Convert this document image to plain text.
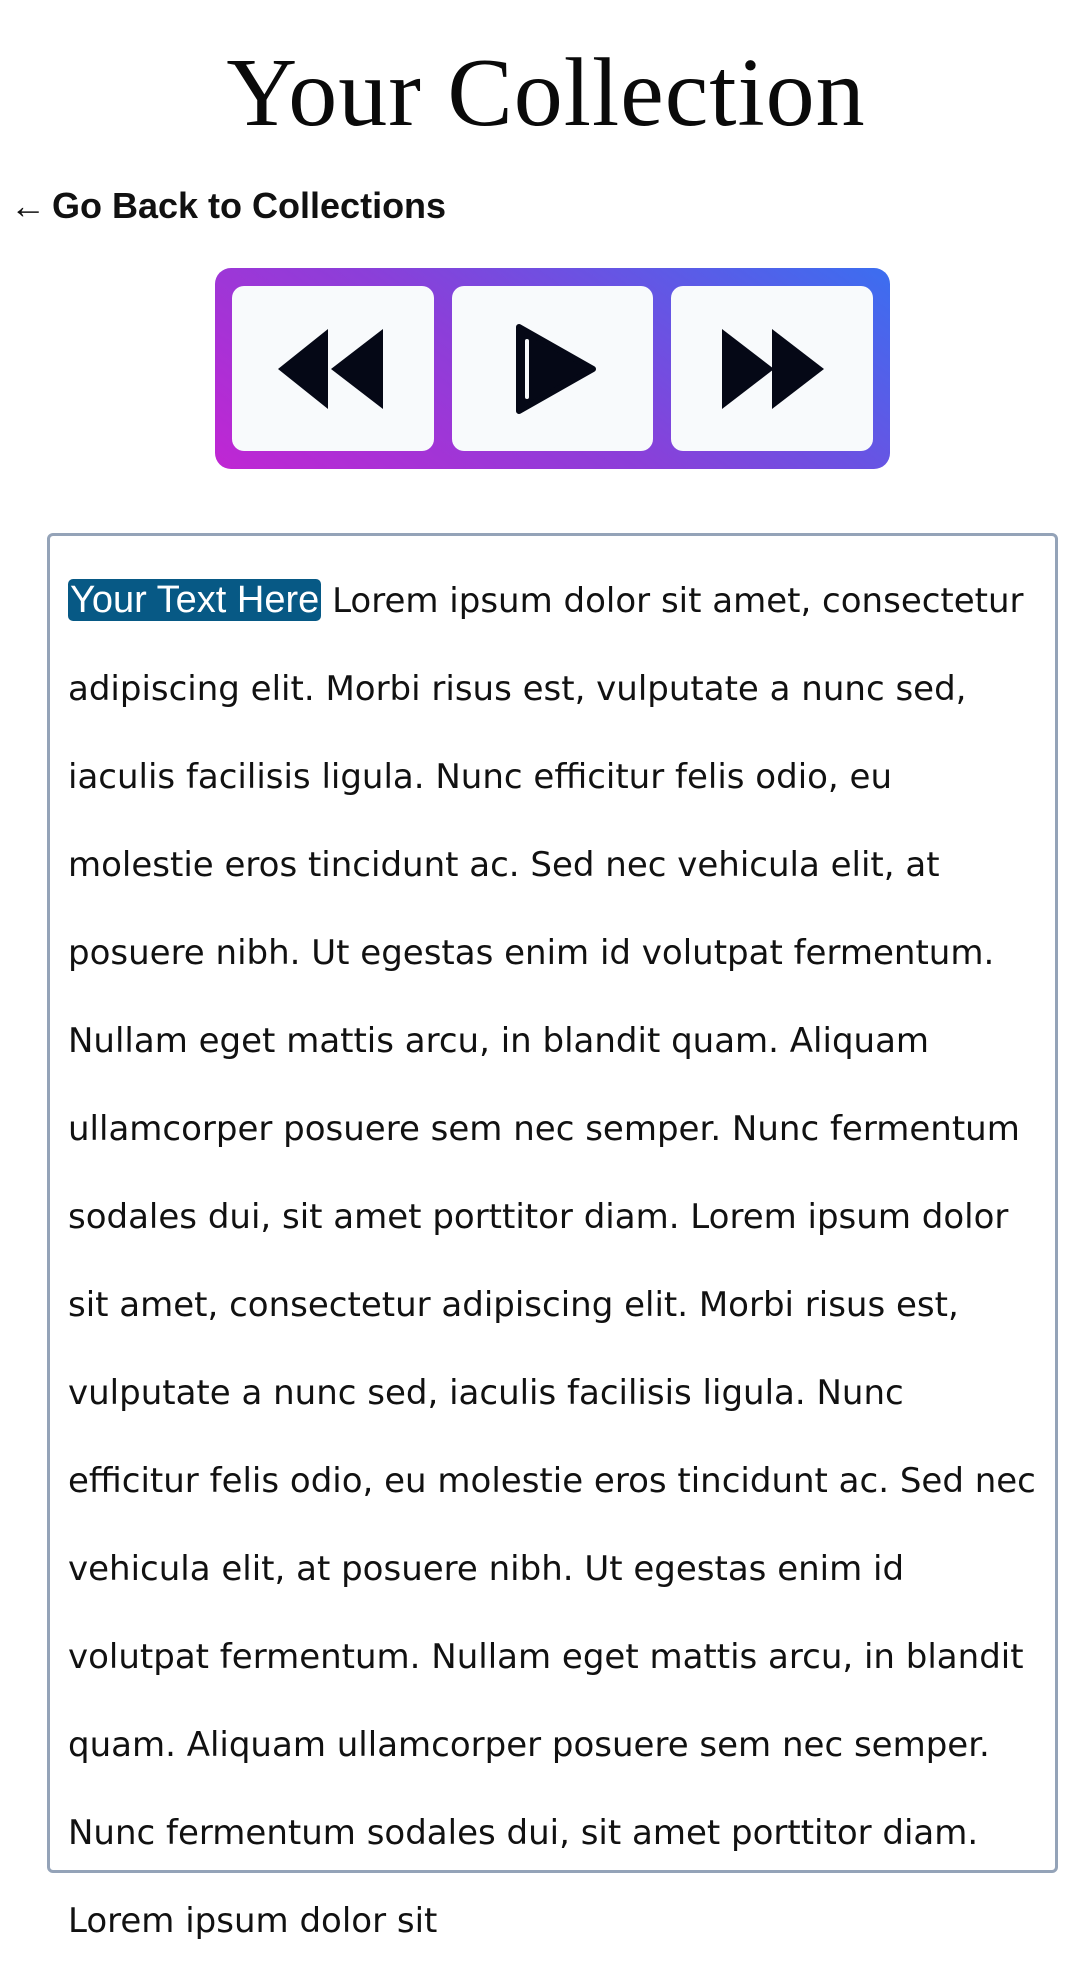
Your Collection
← Go Back to Collections
Your Text Here Lorem ipsum dolor sit amet, consectetur adipiscing elit. Morbi risus est, vulputate a nunc sed, iaculis facilisis ligula. Nunc efficitur felis odio, eu molestie eros tincidunt ac. Sed nec vehicula elit, at posuere nibh. Ut egestas enim id volutpat fermentum. Nullam eget mattis arcu, in blandit quam. Aliquam ullamcorper posuere sem nec semper. Nunc fermentum sodales dui, sit amet porttitor diam. Lorem ipsum dolor sit amet, consectetur adipiscing elit. Morbi risus est, vulputate a nunc sed, iaculis facilisis ligula. Nunc efficitur felis odio, eu molestie eros tincidunt ac. Sed nec vehicula elit, at posuere nibh. Ut egestas enim id volutpat fermentum. Nullam eget mattis arcu, in blandit quam. Aliquam ullamcorper posuere sem nec semper. Nunc fermentum sodales dui, sit amet porttitor diam. Lorem ipsum dolor sit
